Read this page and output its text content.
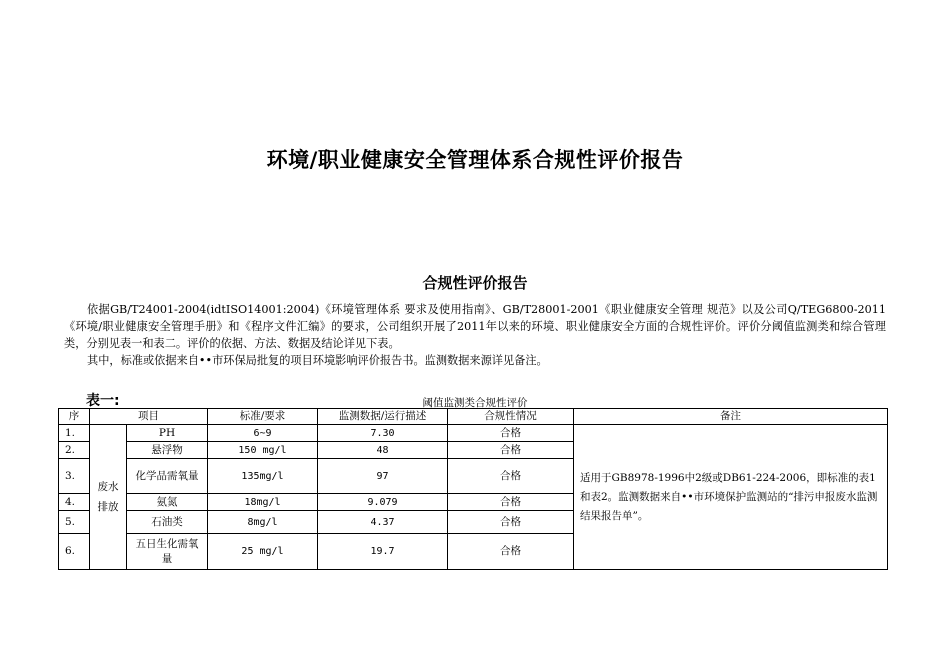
环境/职业健康安全管理体系合规性评价报告
合规性评价报告

依据GB/T24001-2004(idtISO14001:2004)《环境管理体系 要求及使用指南》、GB/T28001-2001《职业健康安全管理 规范》以及公司Q/TEG6800-2011《环境/职业健康安全管理手册》和《程序文件汇编》的要求，公司组织开展了2011年以来的环境、职业健康安全方面的合规性评价。评价分阈值监测类和综合管理类，分别见表一和表二。评价的依据、方法、数据及结论详见下表。

其中，标准或依据来自••市环保局批复的项目环境影响评价报告书。监测数据来源详见备注。

表一:	阈值监测类合规性评价
序	项目		标准/要求	监测数据/运行描述	合规性情况	备注
1.	废水排放	PH	6~9	7.30	合格	适用于GB8978-1996中2级或DB61-224-2006，即标准的表1和表2。监测数据来自••市环境保护监测站的“排污申报废水监测结果报告单”。
2.		悬浮物	150 mg/l	48	合格	
3.		化学品需氧量	135mg/l	97	合格	
4.		氨氮	18mg/l	9.079	合格	
5.		石油类	8mg/l	4.37	合格	
6.		五日生化需氧量	25 mg/l	19.7	合格	
